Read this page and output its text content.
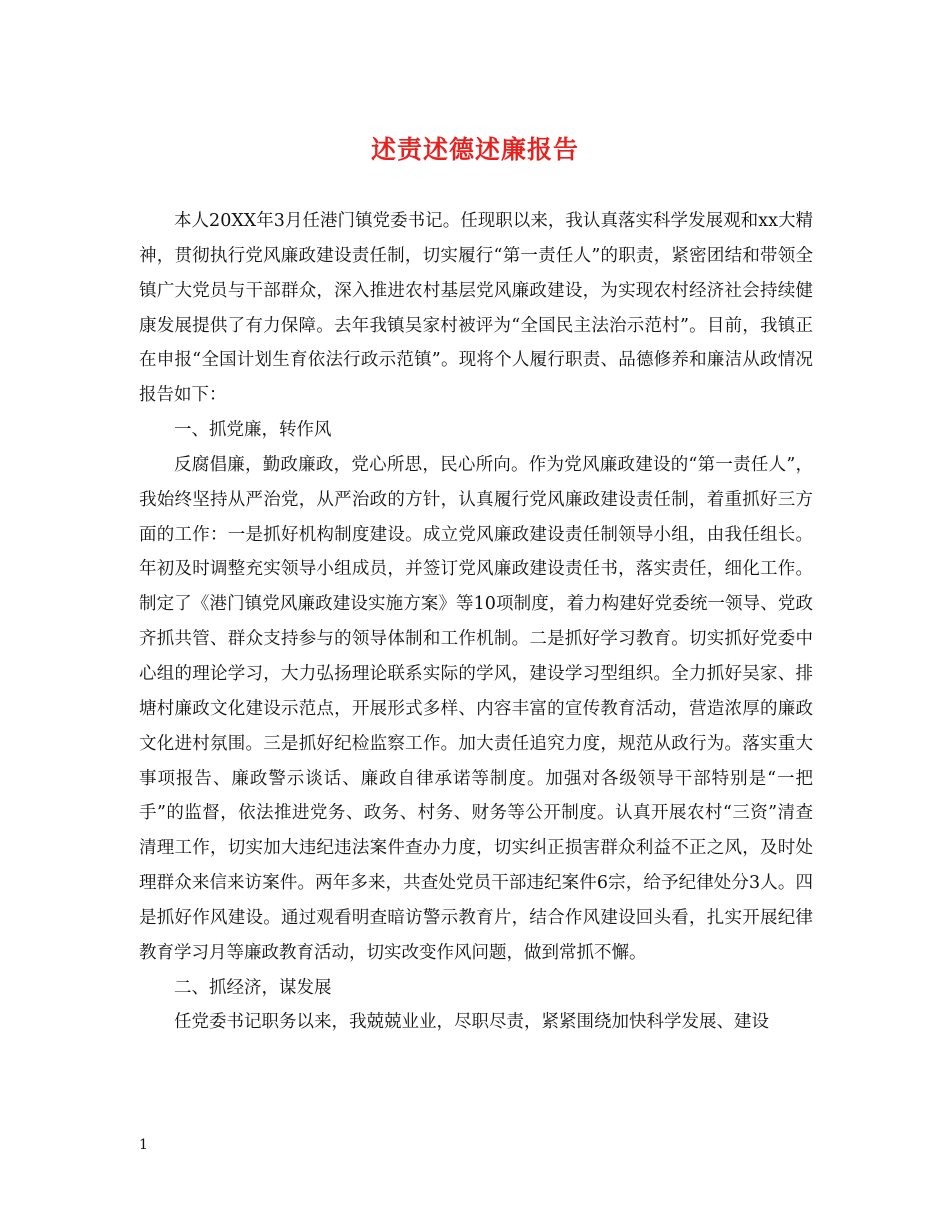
述责述德述廉报告

本人20XX年3月任港门镇党委书记。任现职以来，我认真落实科学发展观和xx大精神，贯彻执行党风廉政建设责任制，切实履行“第一责任人”的职责，紧密团结和带领全镇广大党员与干部群众，深入推进农村基层党风廉政建设，为实现农村经济社会持续健康发展提供了有力保障。去年我镇吴家村被评为“全国民主法治示范村”。目前，我镇正在申报“全国计划生育依法行政示范镇”。现将个人履行职责、品德修养和廉洁从政情况报告如下：

一、抓党廉，转作风

反腐倡廉，勤政廉政，党心所思，民心所向。作为党风廉政建设的“第一责任人”，我始终坚持从严治党，从严治政的方针，认真履行党风廉政建设责任制，着重抓好三方面的工作：一是抓好机构制度建设。成立党风廉政建设责任制领导小组，由我任组长。年初及时调整充实领导小组成员，并签订党风廉政建设责任书，落实责任，细化工作。制定了《港门镇党风廉政建设实施方案》等10项制度，着力构建好党委统一领导、党政齐抓共管、群众支持参与的领导体制和工作机制。二是抓好学习教育。切实抓好党委中心组的理论学习，大力弘扬理论联系实际的学风，建设学习型组织。全力抓好吴家、排塘村廉政文化建设示范点，开展形式多样、内容丰富的宣传教育活动，营造浓厚的廉政文化进村氛围。三是抓好纪检监察工作。加大责任追究力度，规范从政行为。落实重大事项报告、廉政警示谈话、廉政自律承诺等制度。加强对各级领导干部特别是“一把手”的监督，依法推进党务、政务、村务、财务等公开制度。认真开展农村“三资”清查清理工作，切实加大违纪违法案件查办力度，切实纠正损害群众利益不正之风，及时处理群众来信来访案件。两年多来，共查处党员干部违纪案件6宗，给予纪律处分3人。四是抓好作风建设。通过观看明查暗访警示教育片，结合作风建设回头看，扎实开展纪律教育学习月等廉政教育活动，切实改变作风问题，做到常抓不懈。

二、抓经济，谋发展

任党委书记职务以来，我兢兢业业，尽职尽责，紧紧围绕加快科学发展、建设

1
